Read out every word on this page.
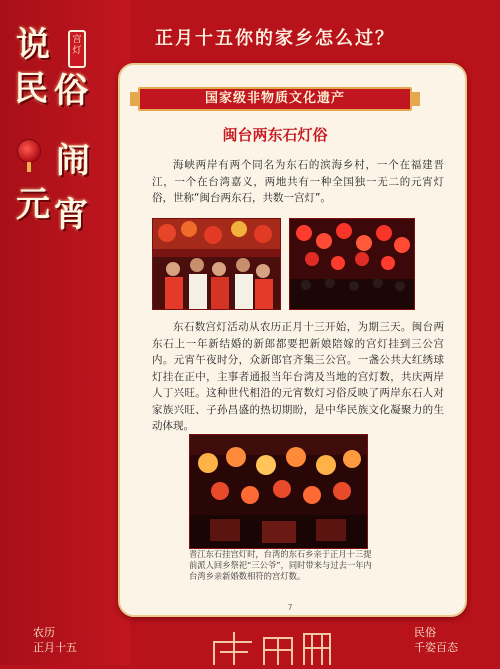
正月十五你的家乡怎么过？
说	宫灯
民 俗
闹
元 宵
国家级非物质文化遗产
闽台两东石灯俗

海峡两岸有两个同名为东石的滨海乡村，一个在福建晋江，一个在台湾嘉义，两地共有一种全国独一无二的元宵灯俗，世称“闽台两东石，共数一宫灯”。

东石数宫灯活动从农历正月十三开始，为期三天。闽台两东石上一年新结婚的新郎都要把新娘陪嫁的宫灯挂到三公宫内。元宵午夜时分，众新郎官齐集三公宫。一盏公共大红绣球灯挂在正中，主事者通报当年台湾及当地的宫灯数，共庆两岸人丁兴旺。这种世代相沿的元宵数灯习俗反映了两岸东石人对家族兴旺、子孙昌盛的热切期盼，是中华民族文化凝聚力的生动体现。

晋江东石挂宫灯时，台湾的东石乡亲于正月十三提前派人回乡祭祀“三公爷”，同时带来与过去一年内台湾乡亲新婚数相符的宫灯数。

7
农历
正月十五
民俗
千姿百态
